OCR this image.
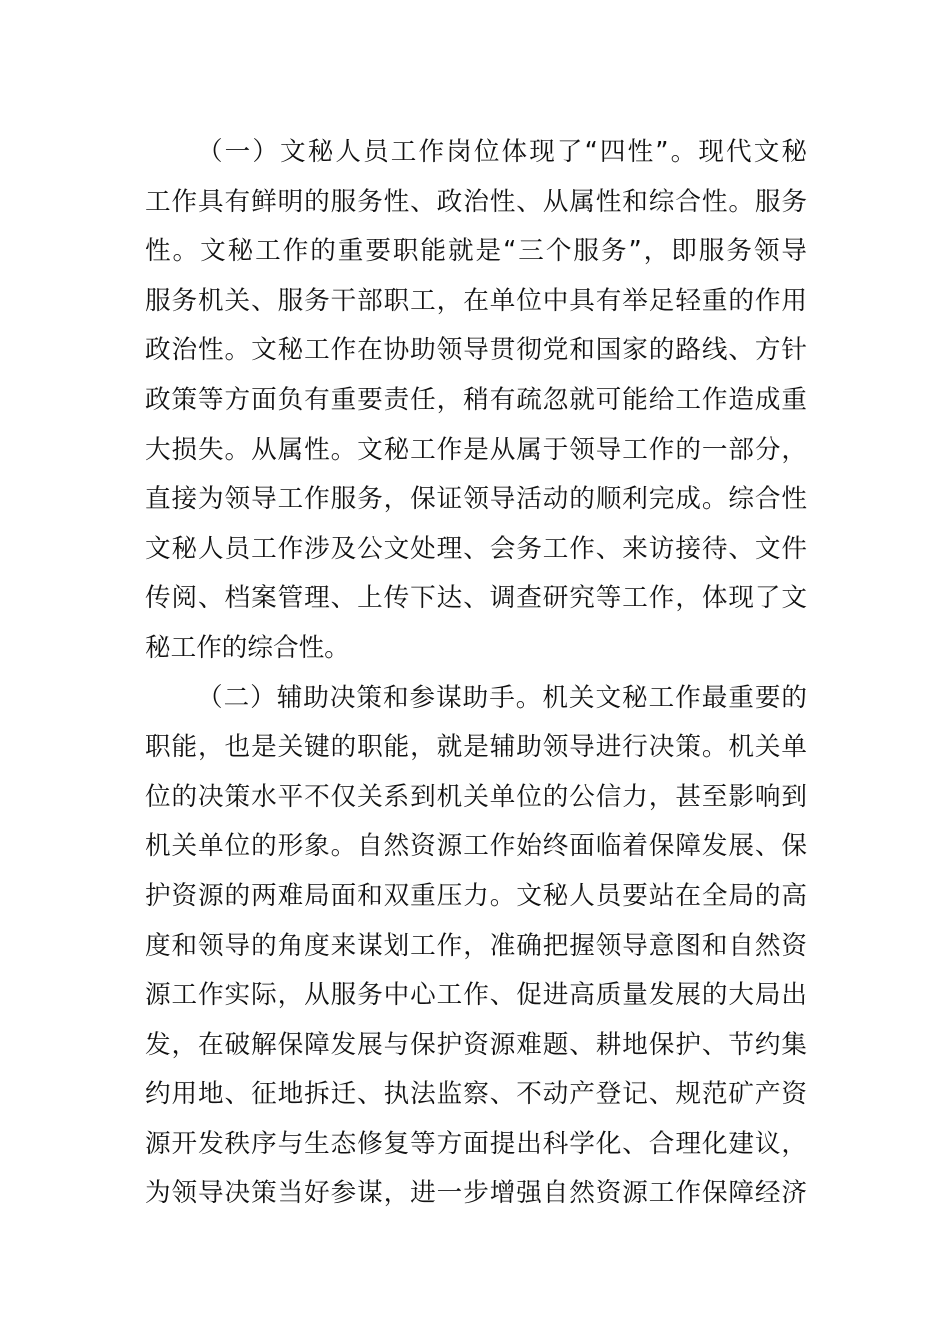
（一）文秘人员工作岗位体现了“四性”。现代文秘
工作具有鲜明的服务性、政治性、从属性和综合性。服务
性。文秘工作的重要职能就是“三个服务”，即服务领导
服务机关、服务干部职工，在单位中具有举足轻重的作用
政治性。文秘工作在协助领导贯彻党和国家的路线、方针
政策等方面负有重要责任，稍有疏忽就可能给工作造成重
大损失。从属性。文秘工作是从属于领导工作的一部分，
直接为领导工作服务，保证领导活动的顺利完成。综合性
文秘人员工作涉及公文处理、会务工作、来访接待、文件
传阅、档案管理、上传下达、调查研究等工作，体现了文
秘工作的综合性。
（二）辅助决策和参谋助手。机关文秘工作最重要的
职能，也是关键的职能，就是辅助领导进行决策。机关单
位的决策水平不仅关系到机关单位的公信力，甚至影响到
机关单位的形象。自然资源工作始终面临着保障发展、保
护资源的两难局面和双重压力。文秘人员要站在全局的高
度和领导的角度来谋划工作，准确把握领导意图和自然资
源工作实际，从服务中心工作、促进高质量发展的大局出
发，在破解保障发展与保护资源难题、耕地保护、节约集
约用地、征地拆迁、执法监察、不动产登记、规范矿产资
源开发秩序与生态修复等方面提出科学化、合理化建议，
为领导决策当好参谋，进一步增强自然资源工作保障经济
